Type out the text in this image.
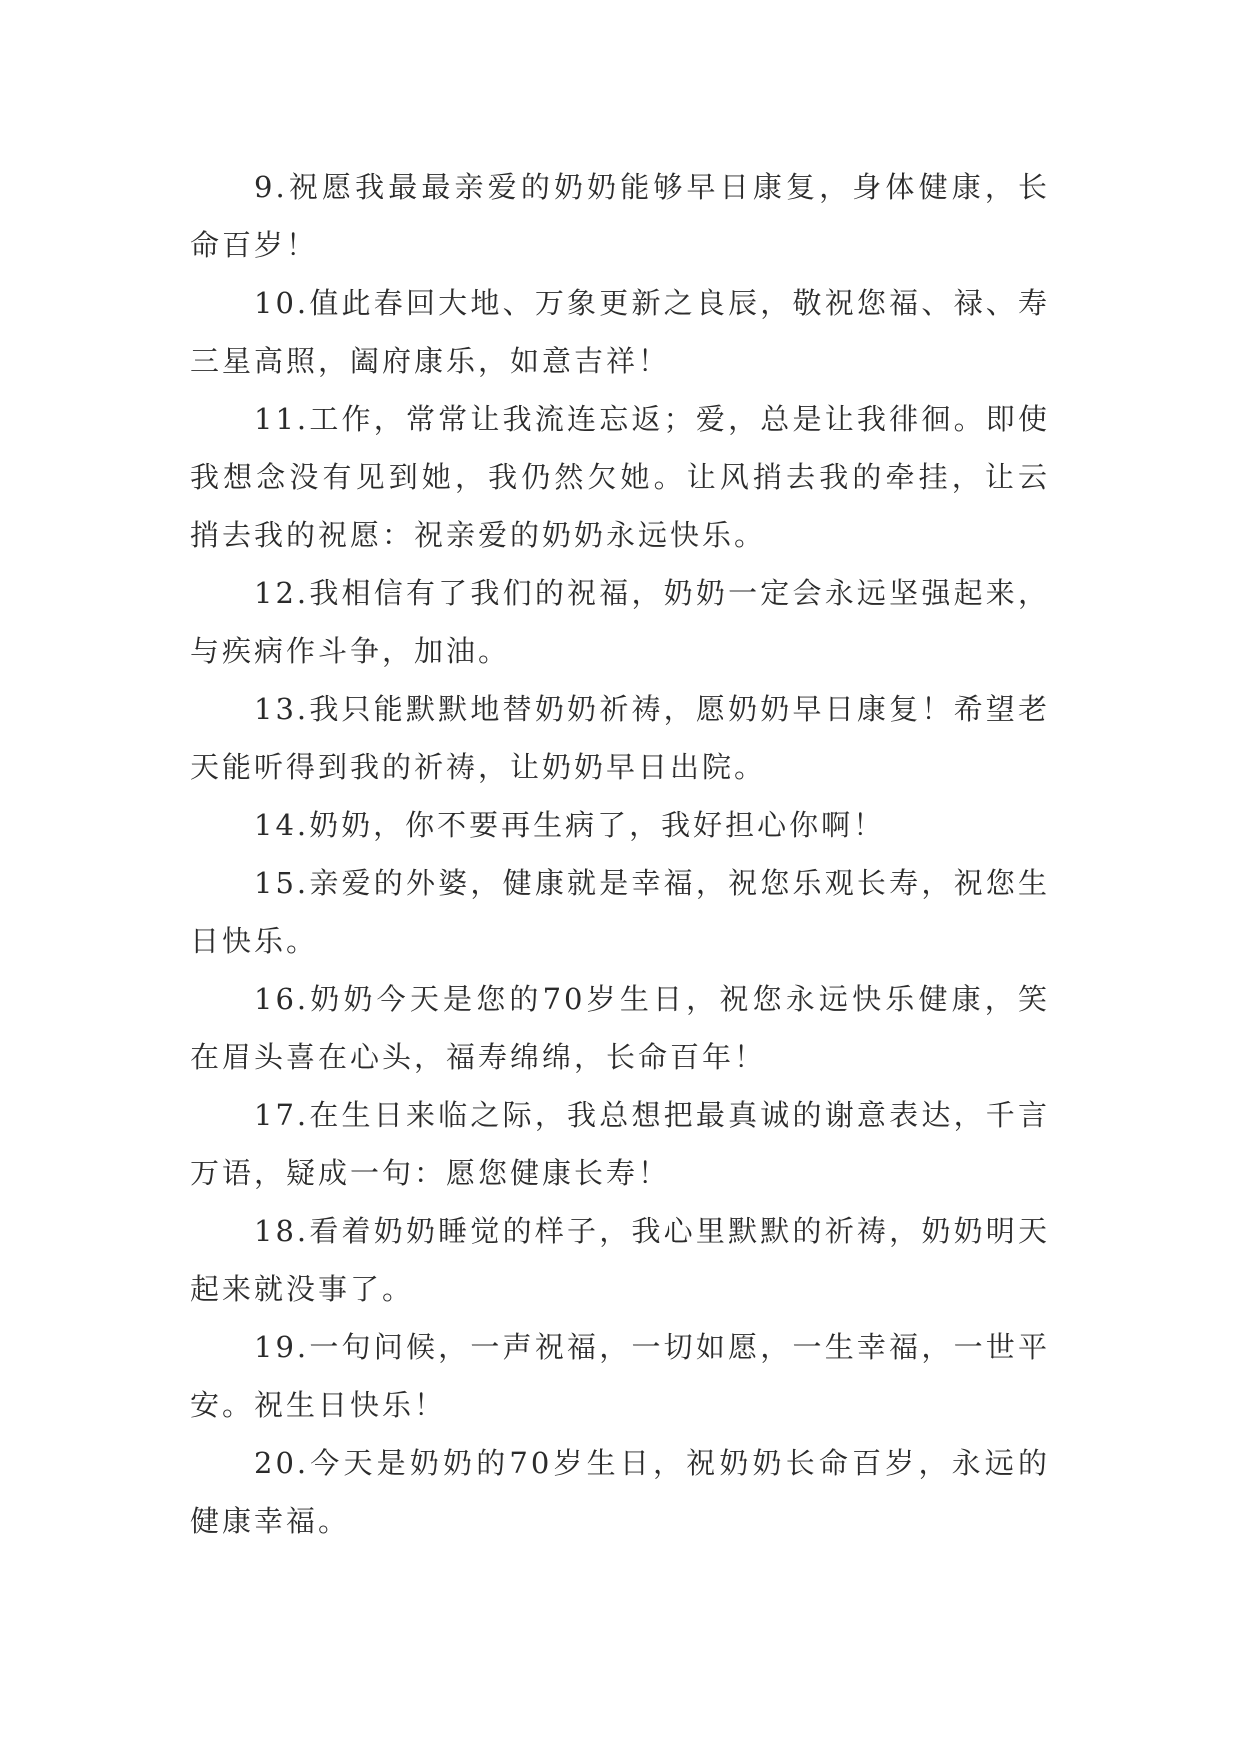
9.祝愿我最最亲爱的奶奶能够早日康复，身体健康，长命百岁！

10.值此春回大地、万象更新之良辰，敬祝您福、禄、寿三星高照，阖府康乐，如意吉祥！

11.工作，常常让我流连忘返；爱，总是让我徘徊。即使我想念没有见到她，我仍然欠她。让风捎去我的牵挂，让云捎去我的祝愿：祝亲爱的奶奶永远快乐。

12.我相信有了我们的祝福，奶奶一定会永远坚强起来，与疾病作斗争，加油。

13.我只能默默地替奶奶祈祷，愿奶奶早日康复！希望老天能听得到我的祈祷，让奶奶早日出院。

14.奶奶，你不要再生病了，我好担心你啊！

15.亲爱的外婆，健康就是幸福，祝您乐观长寿，祝您生日快乐。

16.奶奶今天是您的70岁生日，祝您永远快乐健康，笑在眉头喜在心头，福寿绵绵，长命百年！

17.在生日来临之际，我总想把最真诚的谢意表达，千言万语，疑成一句：愿您健康长寿！

18.看着奶奶睡觉的样子，我心里默默的祈祷，奶奶明天起来就没事了。

19.一句问候，一声祝福，一切如愿，一生幸福，一世平安。祝生日快乐！

20.今天是奶奶的70岁生日，祝奶奶长命百岁，永远的健康幸福。
